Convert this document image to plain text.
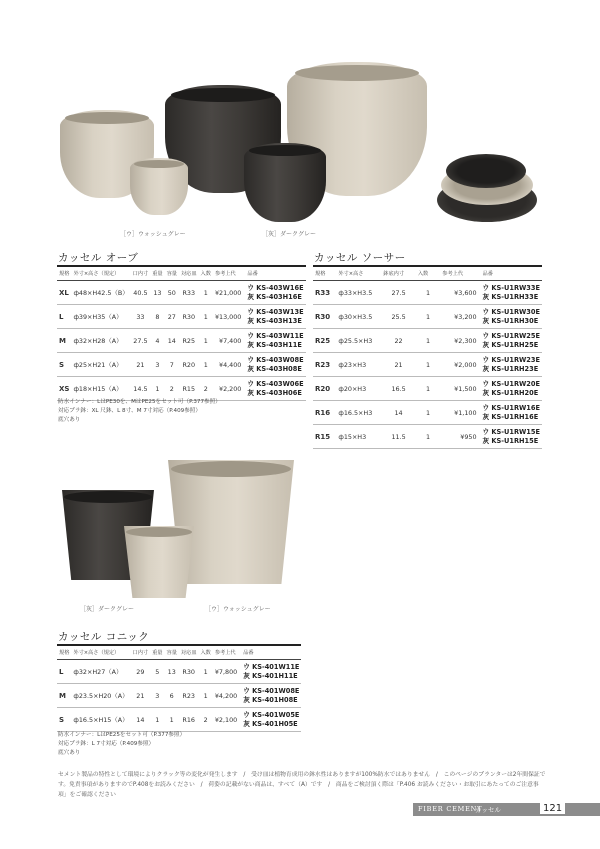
［ウ］ウォッシュグレー	［灰］ダークグレー
カッセル オーブ
規格	外寸×高さ（規定）	口内寸	重量	容量	対応皿	入数	参考上代	品番
XL	ф48×H42.5（B）	40.5	13	50	R33	1	¥21,000	ウ KS-403W16E
灰 KS-403H16E

L	ф39×H35（A）	33	8	27	R30	1	¥13,000	ウ KS-403W13E
灰 KS-403H13E

M	ф32×H28（A）	27.5	4	14	R25	1	¥7,400	ウ KS-403W11E
灰 KS-403H11E

S	ф25×H21（A）	21	3	7	R20	1	¥4,400	ウ KS-403W08E
灰 KS-403H08E

XS	ф18×H15（A）	14.5	1	2	R15	2	¥2,200	ウ KS-403W06E
灰 KS-403H06E
防水インナー：LはPE30を、MはPE25をセット可（P.377参照）
対応プラ鉢：XL 尺鉢、L 8寸、M 7寸対応（P.409参照）
底穴あり
カッセル ソーサー
規格	外寸×高さ	鉢底内寸	入数	参考上代	品番
R33	ф33×H3.5	27.5	1	¥3,600	ウ KS-U1RW33E
灰 KS-U1RH33E

R30	ф30×H3.5	25.5	1	¥3,200	ウ KS-U1RW30E
灰 KS-U1RH30E

R25	ф25.5×H3	22	1	¥2,300	ウ KS-U1RW25E
灰 KS-U1RH25E

R23	ф23×H3	21	1	¥2,000	ウ KS-U1RW23E
灰 KS-U1RH23E

R20	ф20×H3	16.5	1	¥1,500	ウ KS-U1RW20E
灰 KS-U1RH20E

R16	ф16.5×H3	14	1	¥1,100	ウ KS-U1RW16E
灰 KS-U1RH16E

R15	ф15×H3	11.5	1	¥950	ウ KS-U1RW15E
灰 KS-U1RH15E
［灰］ダークグレー	［ウ］ウォッシュグレー
カッセル コニック
規格	外寸×高さ（規定）	口内寸	重量	容量	対応皿	入数	参考上代	品番
L	ф32×H27（A）	29	5	13	R30	1	¥7,800	ウ KS-401W11E
灰 KS-401H11E

M	ф23.5×H20（A）	21	3	6	R23	1	¥4,200	ウ KS-401W08E
灰 KS-401H08E

S	ф16.5×H15（A）	14	1	1	R16	2	¥2,100	ウ KS-401W05E
灰 KS-401H05E
防水インナー：LはPE25をセット可（P.377参照）
対応プラ鉢：L 7寸対応（P.409参照）
底穴あり
セメント製品の特性として環境によりクラック等の変化が発生します　/　受け皿は植物育成用の鉢水性はありますが100%防水ではありません　/　このページのプランターは2年間保証です。免責事項がありますのでP.408をお読みください　/　荷姿の記載がない商品は、すべて（A）です　/　商品をご検討頂く際は「P.406 お読みください・お取引にあたってのご注意事項」をご確認ください
FIBER CEMENT
カッセル	121
